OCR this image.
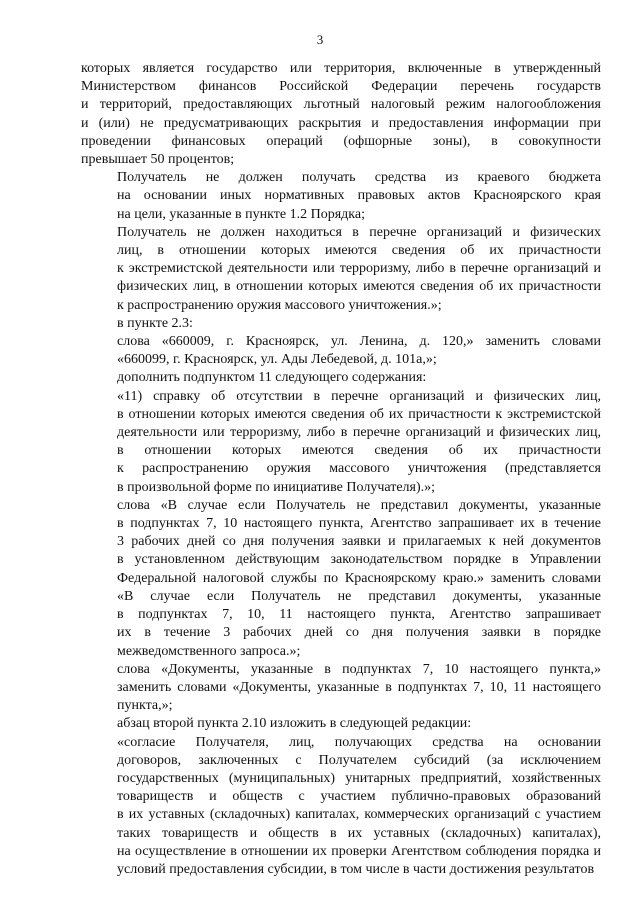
3
которых является государство или территория, включенные в утвержденный
Министерством финансов Российской Федерации перечень государств
и территорий, предоставляющих льготный налоговый режим налогообложения
и (или) не предусматривающих раскрытия и предоставления информации при
проведении финансовых операций (офшорные зоны), в совокупности
превышает 50 процентов;
Получатель не должен получать средства из краевого бюджета
на основании иных нормативных правовых актов Красноярского края
на цели, указанные в пункте 1.2 Порядка;
Получатель не должен находиться в перечне организаций и физических
лиц, в отношении которых имеются сведения об их причастности
к экстремистской деятельности или терроризму, либо в перечне организаций и
физических лиц, в отношении которых имеются сведения об их причастности
к распространению оружия массового уничтожения.»;
в пункте 2.3:
слова «660009, г. Красноярск, ул. Ленина, д. 120,» заменить словами
«660099, г. Красноярск, ул. Ады Лебедевой, д. 101а,»;
дополнить подпунктом 11 следующего содержания:
«11) справку об отсутствии в перечне организаций и физических лиц,
в отношении которых имеются сведения об их причастности к экстремистской
деятельности или терроризму, либо в перечне организаций и физических лиц,
в отношении которых имеются сведения об их причастности
к распространению оружия массового уничтожения (представляется
в произвольной форме по инициативе Получателя).»;
слова «В случае если Получатель не представил документы, указанные
в подпунктах 7, 10 настоящего пункта, Агентство запрашивает их в течение
3 рабочих дней со дня получения заявки и прилагаемых к ней документов
в установленном действующим законодательством порядке в Управлении
Федеральной налоговой службы по Красноярскому краю.» заменить словами
«В случае если Получатель не представил документы, указанные
в подпунктах 7, 10, 11 настоящего пункта, Агентство запрашивает
их в течение 3 рабочих дней со дня получения заявки в порядке
межведомственного запроса.»;
слова «Документы, указанные в подпунктах 7, 10 настоящего пункта,»
заменить словами «Документы, указанные в подпунктах 7, 10, 11 настоящего
пункта,»;
абзац второй пункта 2.10 изложить в следующей редакции:
«согласие Получателя, лиц, получающих средства на основании
договоров, заключенных с Получателем субсидий (за исключением
государственных (муниципальных) унитарных предприятий, хозяйственных
товариществ и обществ с участием публично-правовых образований
в их уставных (складочных) капиталах, коммерческих организаций с участием
таких товариществ и обществ в их уставных (складочных) капиталах),
на осуществление в отношении их проверки Агентством соблюдения порядка и
условий предоставления субсидии, в том числе в части достижения результатов
